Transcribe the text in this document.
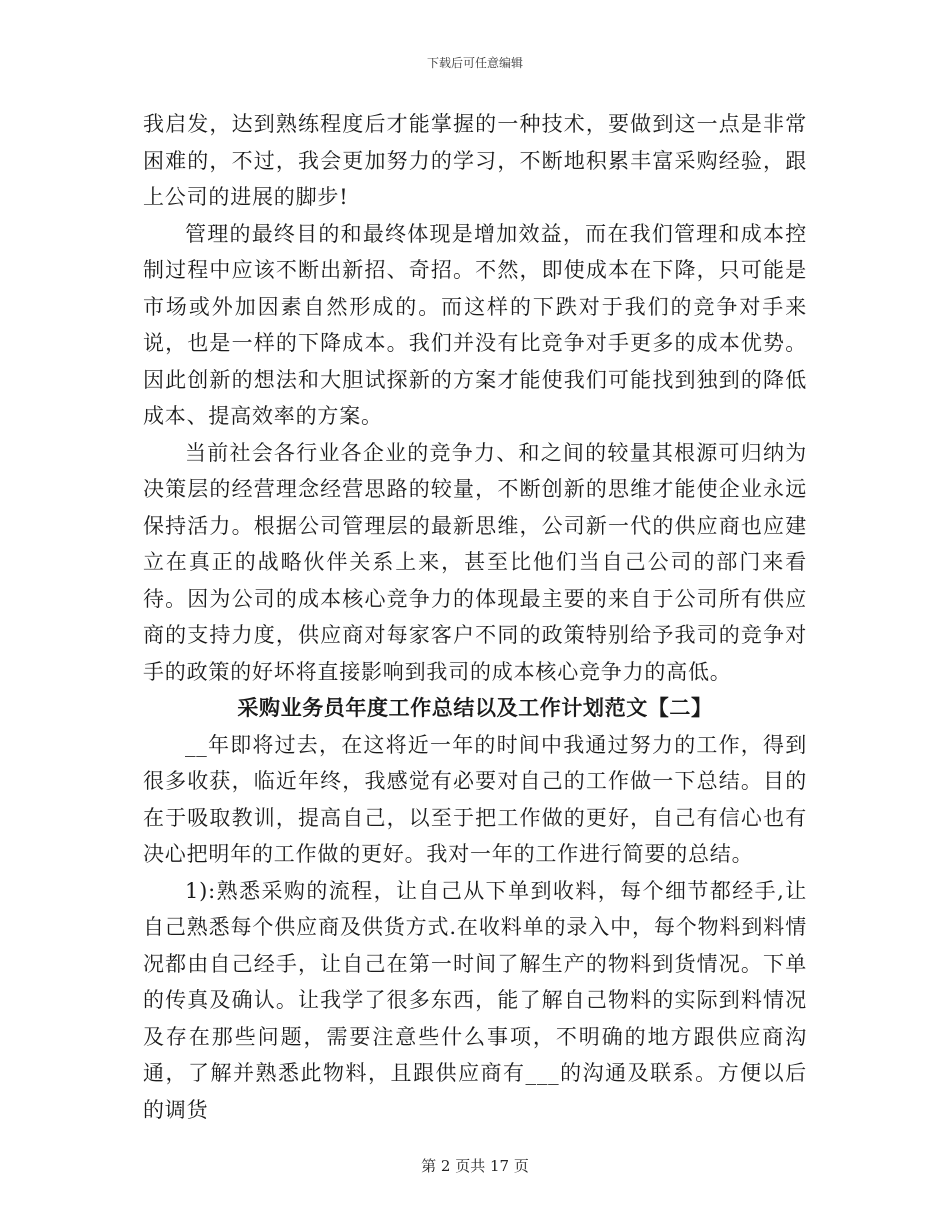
下载后可任意编辑

我启发，达到熟练程度后才能掌握的一种技术，要做到这一点是非常困难的，不过，我会更加努力的学习，不断地积累丰富采购经验，跟上公司的进展的脚步!

管理的最终目的和最终体现是增加效益，而在我们管理和成本控制过程中应该不断出新招、奇招。不然，即使成本在下降，只可能是市场或外加因素自然形成的。而这样的下跌对于我们的竞争对手来说，也是一样的下降成本。我们并没有比竞争对手更多的成本优势。因此创新的想法和大胆试探新的方案才能使我们可能找到独到的降低成本、提高效率的方案。

当前社会各行业各企业的竞争力、和之间的较量其根源可归纳为决策层的经营理念经营思路的较量，不断创新的思维才能使企业永远保持活力。根据公司管理层的最新思维，公司新一代的供应商也应建立在真正的战略伙伴关系上来，甚至比他们当自己公司的部门来看待。因为公司的成本核心竞争力的体现最主要的来自于公司所有供应商的支持力度，供应商对每家客户不同的政策特别给予我司的竞争对手的政策的好坏将直接影响到我司的成本核心竞争力的高低。

采购业务员年度工作总结以及工作计划范文【二】

__年即将过去，在这将近一年的时间中我通过努力的工作，得到很多收获，临近年终，我感觉有必要对自己的工作做一下总结。目的在于吸取教训，提高自己，以至于把工作做的更好，自己有信心也有决心把明年的工作做的更好。我对一年的工作进行简要的总结。

1):熟悉采购的流程，让自己从下单到收料，每个细节都经手,让自己熟悉每个供应商及供货方式.在收料单的录入中，每个物料到料情况都由自己经手，让自己在第一时间了解生产的物料到货情况。下单的传真及确认。让我学了很多东西，能了解自己物料的实际到料情况及存在那些问题，需要注意些什么事项，不明确的地方跟供应商沟通，了解并熟悉此物料，且跟供应商有___的沟通及联系。方便以后的调货

第 2 页共 17 页
